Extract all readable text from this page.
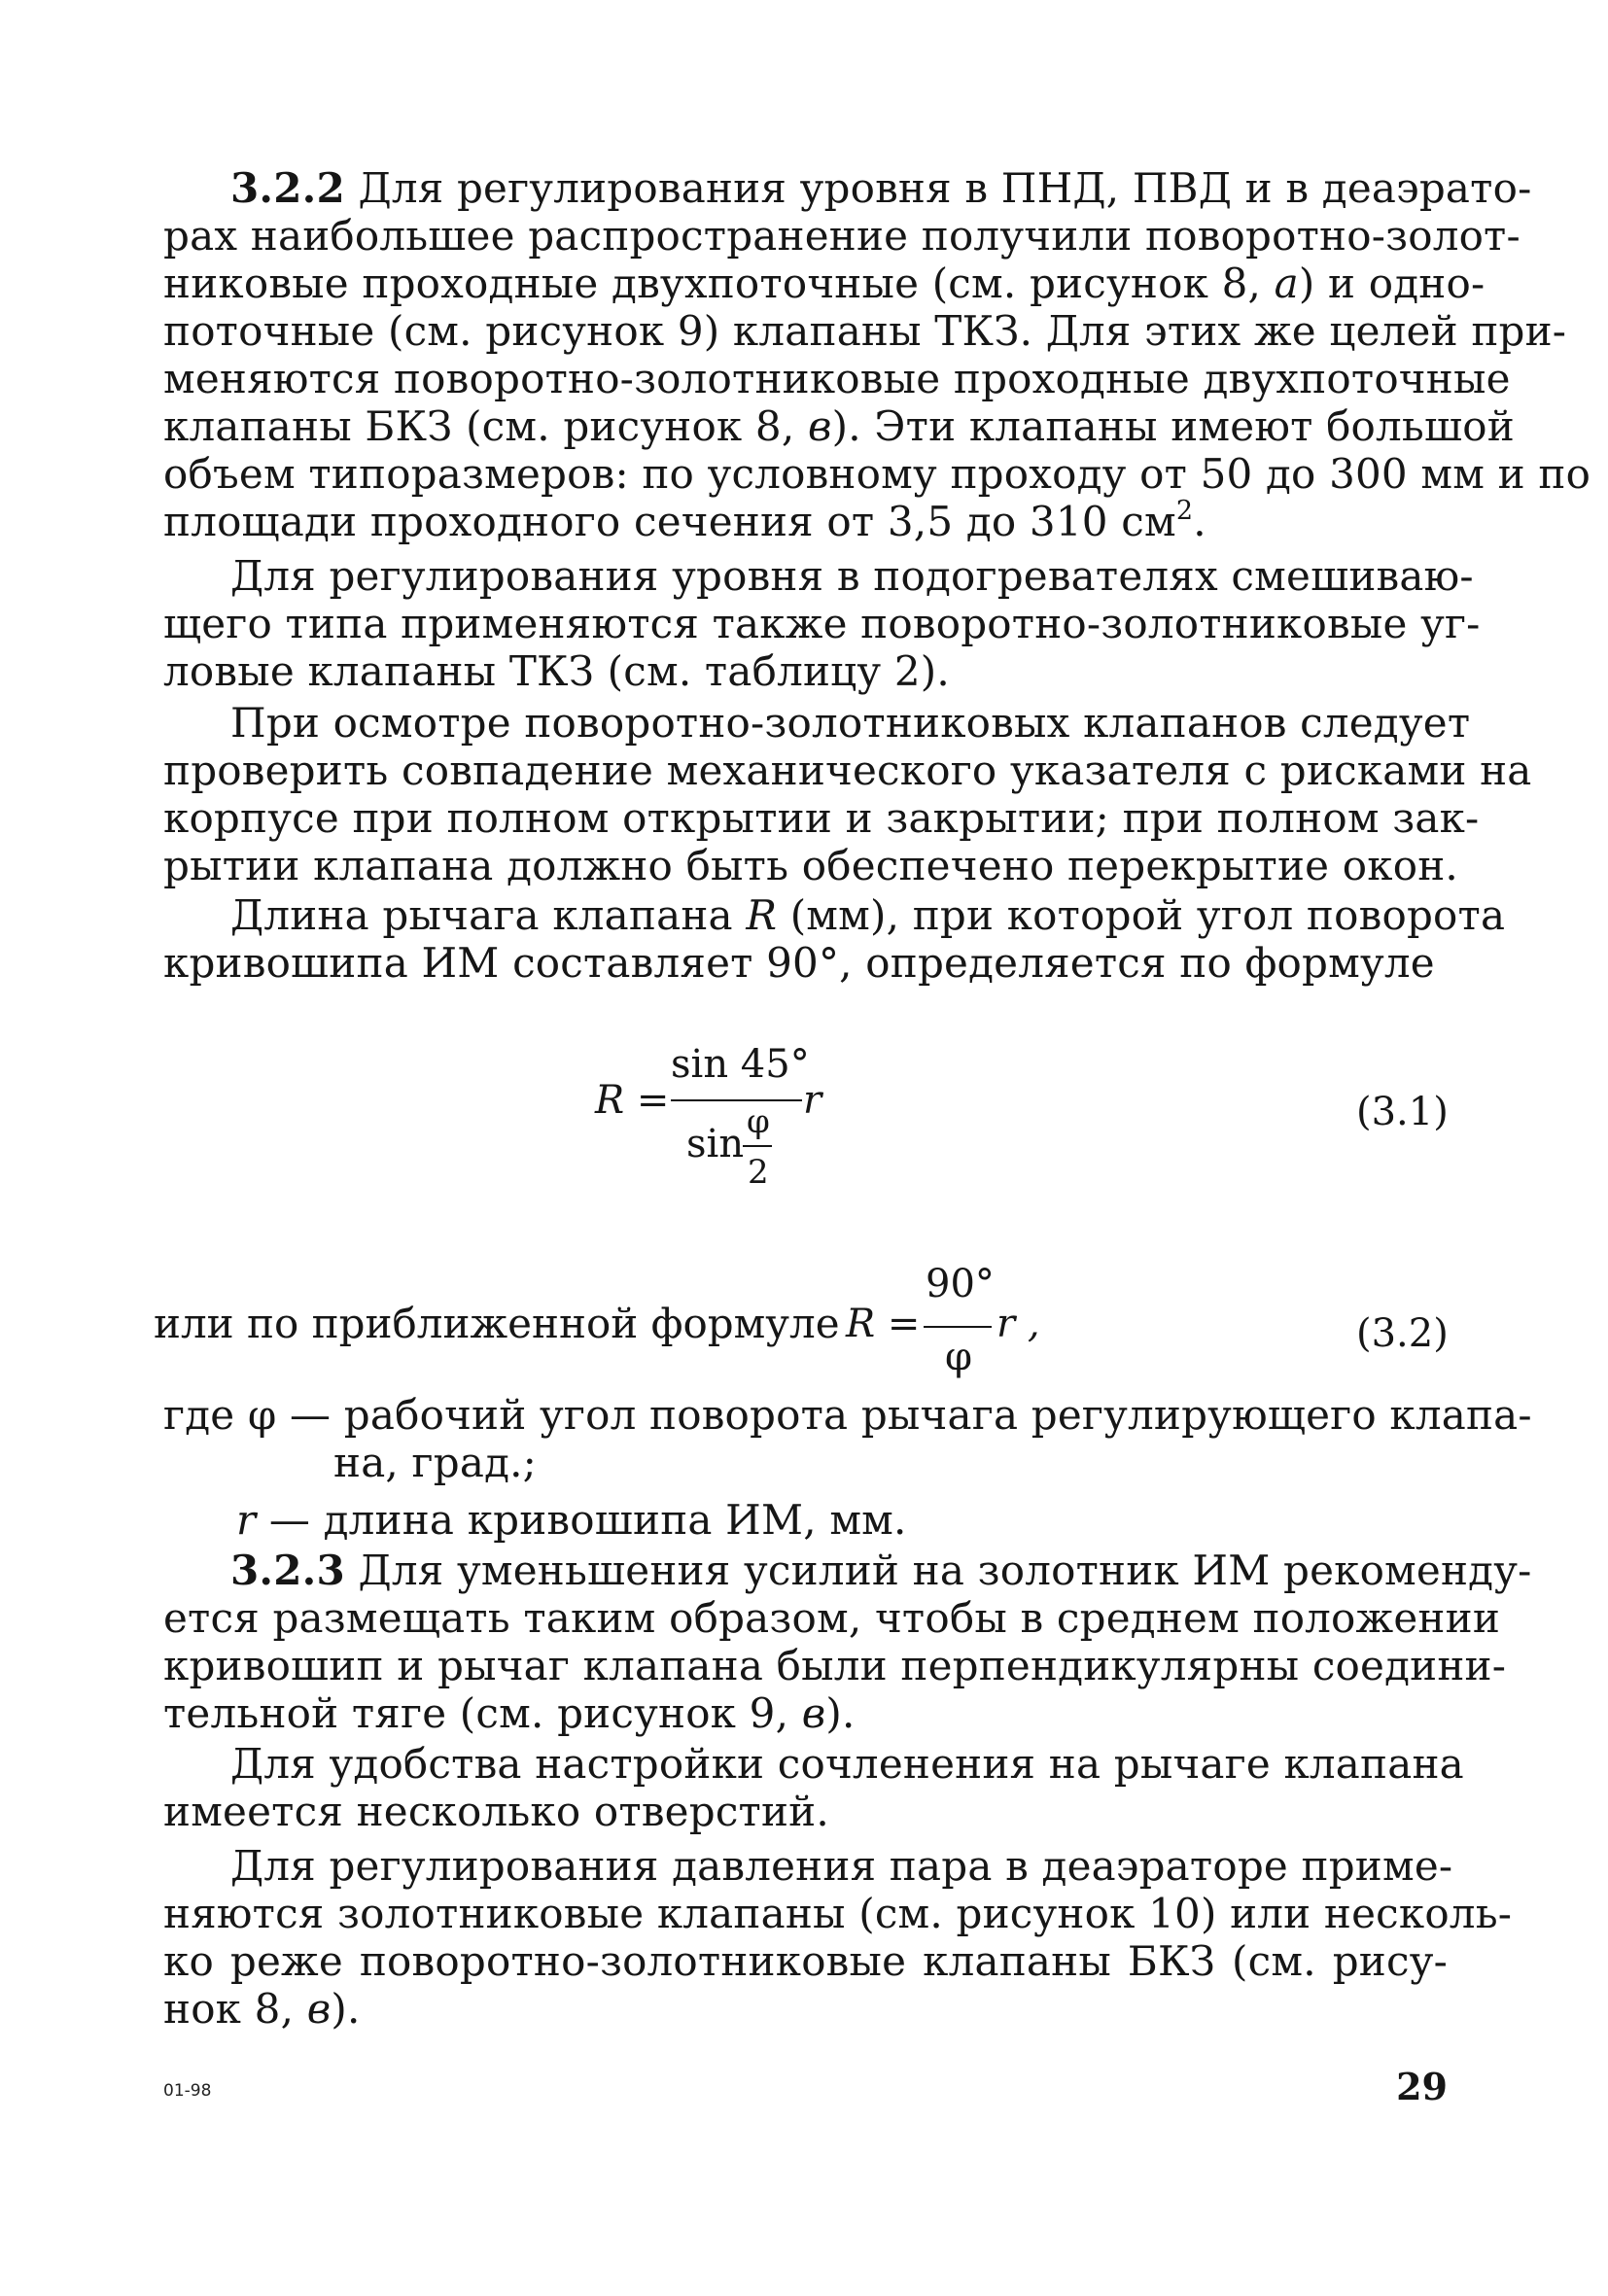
3.2.2 Для регулирования уровня в ПНД, ПВД и в деаэрато-
рах наибольшее распространение получили поворотно-золот-
никовые проходные двухпоточные (см. рисунок 8, а) и одно-
поточные (см. рисунок 9) клапаны ТКЗ. Для этих же целей при-
меняются поворотно-золотниковые проходные двухпоточные
клапаны БКЗ (см. рисунок 8, в). Эти клапаны имеют большой
объем типоразмеров: по условному проходу от 50 до 300 мм и по
площади проходного сечения от 3,5 до 310 $см^2$.
Для регулирования уровня в подогревателях смешиваю-
щего типа применяются также поворотно-золотниковые уг-
ловые клапаны ТКЗ (см. таблицу 2).
При осмотре поворотно-золотниковых клапанов следует
проверить совпадение механического указателя с рисками на
корпусе при полном открытии и закрытии; при полном зак-
рытии клапана должно быть обеспечено перекрытие окон.
Длина рычага клапана R (мм), при которой угол поворота
кривошипа ИМ составляет 90°, определяется по формуле
R =
sin 45°
r
sin φ
2
(3.1)
или по приближенной формуле R =
90°
φ
r ,	(3.2)
где φ — рабочий угол поворота рычага регулирующего клапа-
на, град.;
r — длина кривошипа ИМ, мм.
3.2.3 Для уменьшения усилий на золотник ИМ рекоменду-
ется размещать таким образом, чтобы в среднем положении
кривошип и рычаг клапана были перпендикулярны соедини-
тельной тяге (см. рисунок 9, в).
Для удобства настройки сочленения на рычаге клапана
имеется несколько отверстий.
Для регулирования давления пара в деаэраторе приме-
няются золотниковые клапаны (см. рисунок 10) или несколь-
ко реже поворотно-золотниковые клапаны БКЗ (см. рису-
нок 8, в).
01-98	29
